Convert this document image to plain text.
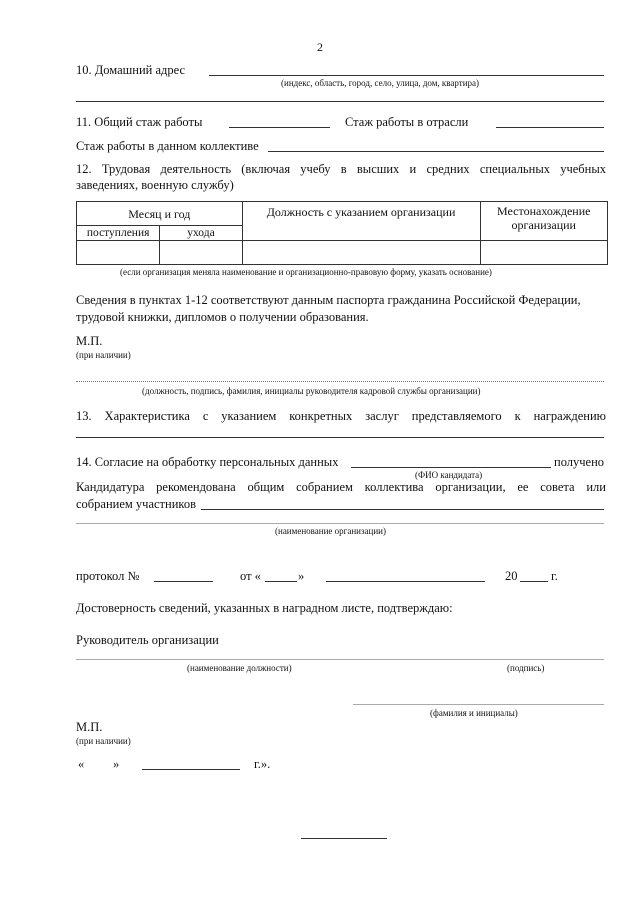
2
10. Домашний адрес
(индекс, область, город, село, улица, дом, квартира)
11. Общий стаж работы	Стаж работы в отрасли
Стаж работы в данном коллективе
12. Трудовая деятельность (включая учебу в высших и средних специальных учебных
заведениях, военную службу)
Месяц и год		Должность с указанием организации	Местонахождение организации
поступления	ухода		

(если организация меняла наименование и организационно-правовую форму, указать основание)
Сведения в пунктах 1-12 соответствуют данным паспорта гражданина Российской Федерации,
трудовой книжки, дипломов о получении образования.
М.П.
(при наличии)
(должность, подпись, фамилия, инициалы руководителя кадровой службы организации)
13. Характеристика с указанием конкретных заслуг представляемого к награждению
14. Согласие на обработку персональных данных	получено
(ФИО кандидата)
Кандидатура рекомендована общим собранием коллектива организации, ее совета или
собранием участников
(наименование организации)
протокол №	от «	»	20	г.
Достоверность сведений, указанных в наградном листе, подтверждаю:
Руководитель организации
(наименование должности)	(подпись)
(фамилия и инициалы)
М.П.
(при наличии)
« »	г.».
